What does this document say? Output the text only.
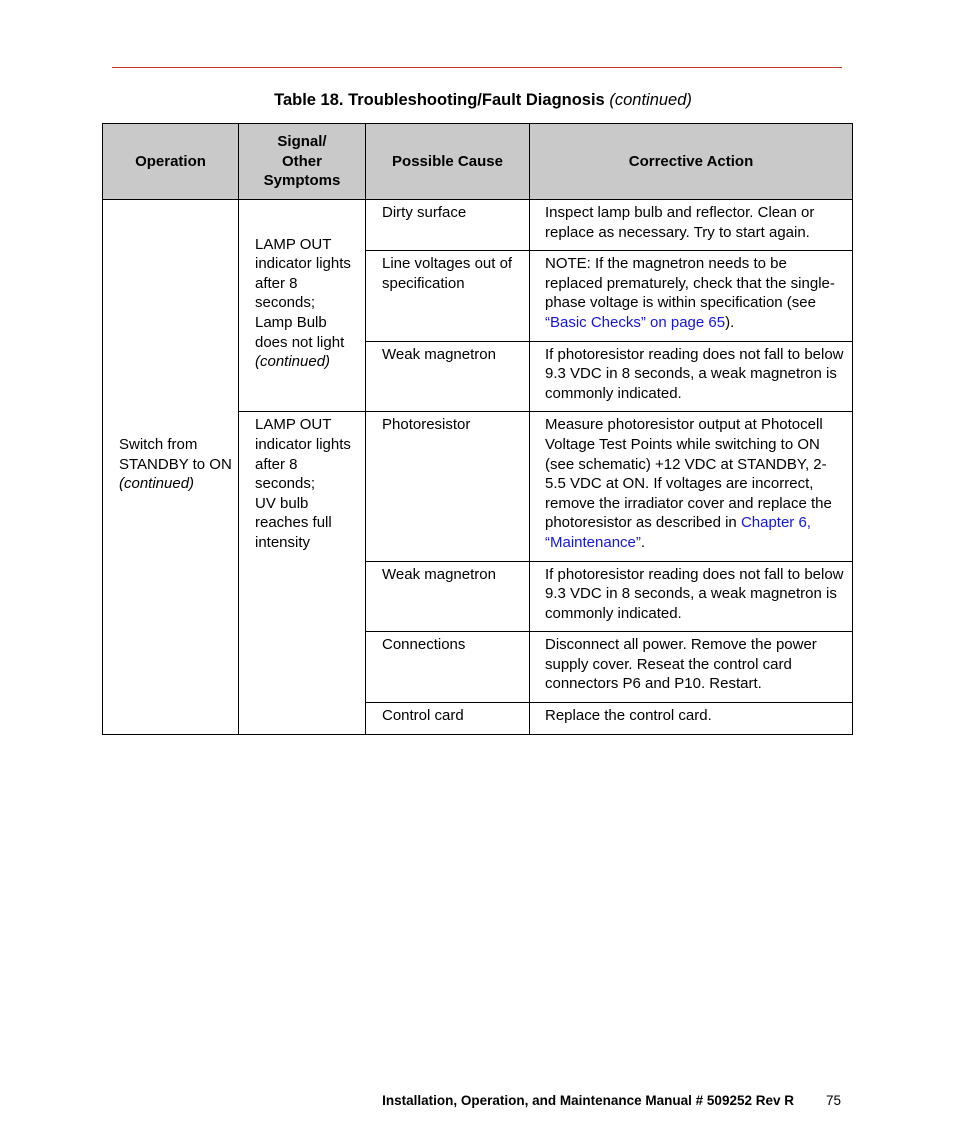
Table 18. Troubleshooting/Fault Diagnosis (continued)
Operation	Signal/
Other
Symptoms	Possible Cause	Corrective Action
Switch from STANDBY to ON (continued)	LAMP OUT indicator lights after 8 seconds;
Lamp Bulb does not light
(continued)	Dirty surface	Inspect lamp bulb and reflector. Clean or replace as necessary. Try to start again.
		Line voltages out of specification	NOTE: If the magnetron needs to be replaced prematurely, check that the single-phase voltage is within specification (see “Basic Checks” on page 65).
		Weak magnetron	If photoresistor reading does not fall to below 9.3 VDC in 8 seconds, a weak magnetron is commonly indicated.
	LAMP OUT indicator lights after 8 seconds;
UV bulb reaches full intensity	Photoresistor	Measure photoresistor output at Photocell Voltage Test Points while switching to ON (see schematic) +12 VDC at STANDBY, 2-5.5 VDC at ON. If voltages are incorrect, remove the irradiator cover and replace the photoresistor as described in Chapter 6, “Maintenance”.
		Weak magnetron	If photoresistor reading does not fall to below 9.3 VDC in 8 seconds, a weak magnetron is commonly indicated.
		Connections	Disconnect all power. Remove the power supply cover. Reseat the control card connectors P6 and P10. Restart.
		Control card	Replace the control card.
Installation, Operation, and Maintenance Manual # 509252 Rev R 75
